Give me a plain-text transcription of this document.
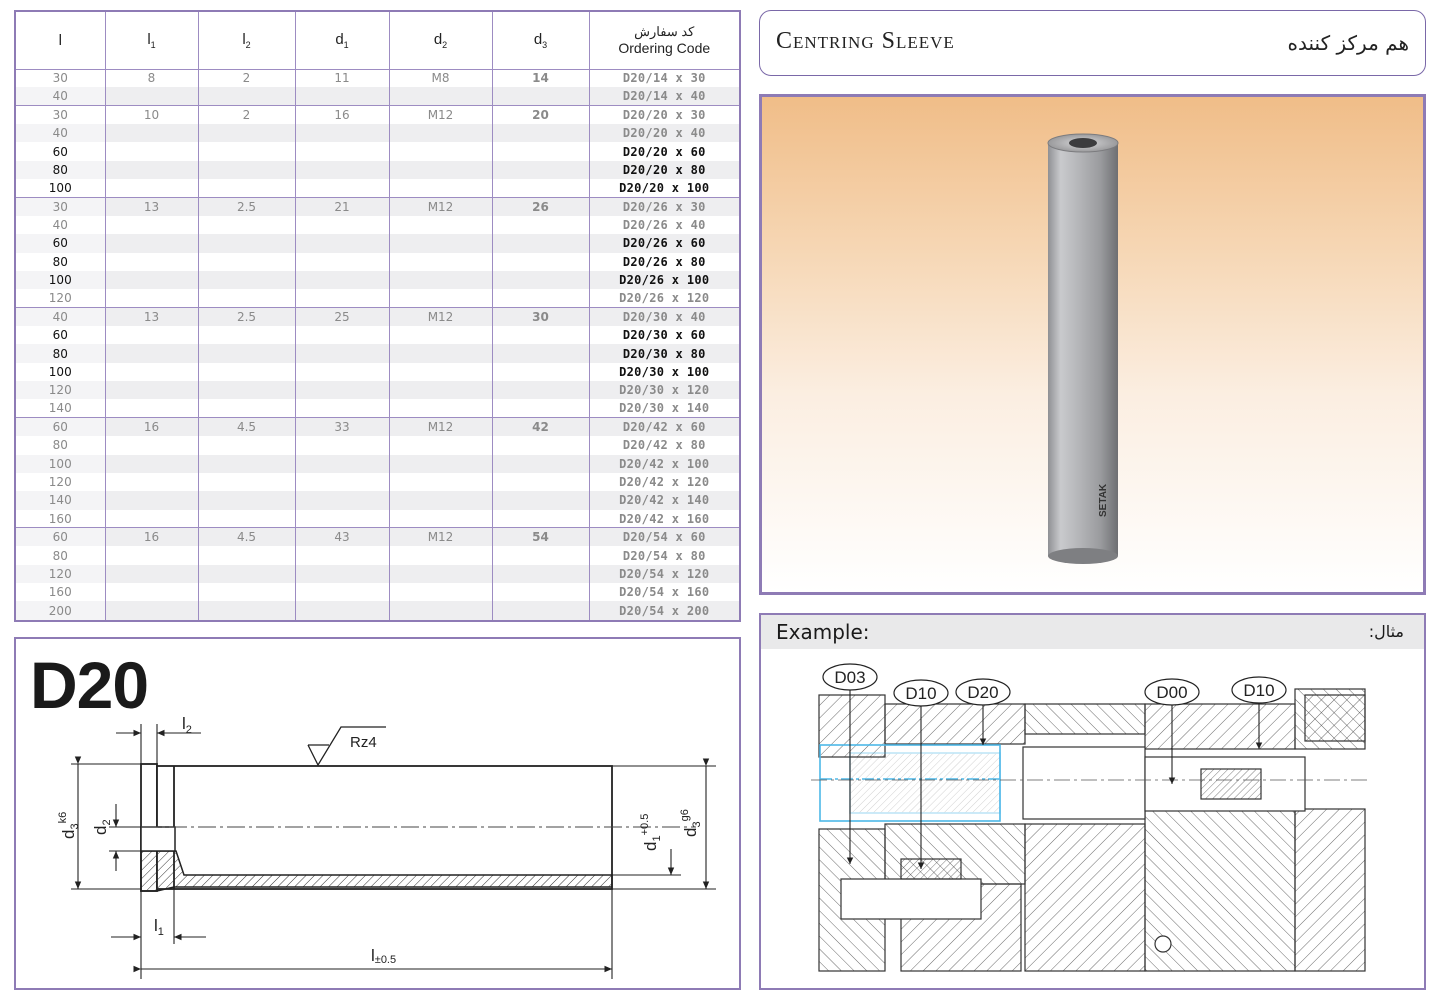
l	$l_1$	$l_2$	$d_1$	$d_2$	$d_3$	کد سفارش
Ordering Code

30	8	2	11	M8	14	D20/14 x 30
40						D20/14 x 40
30	10	2	16	M12	20	D20/20 x 30
40						D20/20 x 40
60						D20/20 x 60
80						D20/20 x 80
100						D20/20 x 100
30	13	2.5	21	M12	26	D20/26 x 30
40						D20/26 x 40
60						D20/26 x 60
80						D20/26 x 80
100						D20/26 x 100
120						D20/26 x 120
40	13	2.5	25	M12	30	D20/30 x 40
60						D20/30 x 60
80						D20/30 x 80
100						D20/30 x 100
120						D20/30 x 120
140						D20/30 x 140
60	16	4.5	33	M12	42	D20/42 x 60
80						D20/42 x 80
100						D20/42 x 100
120						D20/42 x 120
140						D20/42 x 140
160						D20/42 x 160
60	16	4.5	43	M12	54	D20/54 x 60
80						D20/54 x 80
120						D20/54 x 120
160						D20/54 x 160
200						D20/54 x 200
D20
Rz4
$l_2$
$l_1$
l±0.5
$d_3^{k6}$
$d_2$
$d_1^{+0.5}$	$d_3^{g6}$
Centring Sleeve	هم مرکز کننده
SETAK
Example:	مثال:
D03
D10 D20	D00	D10
